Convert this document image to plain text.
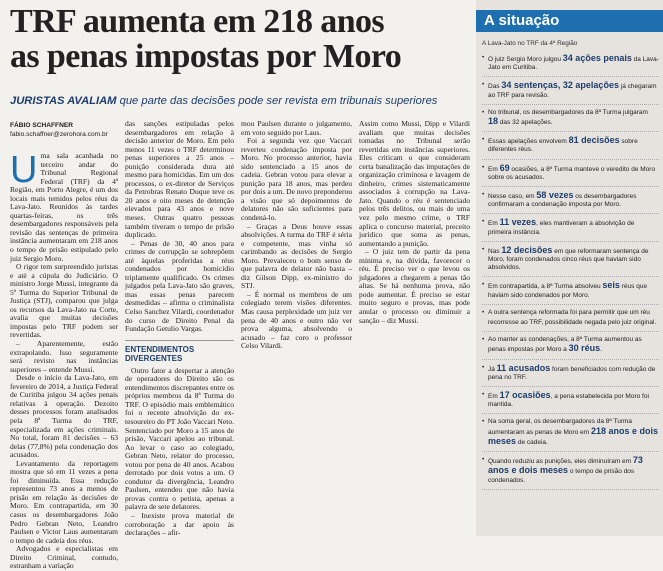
TRF aumenta em 218 anos
as penas impostas por Moro
JURISTAS AVALIAM que parte das decisões pode ser revista em tribunais superiores
FÁBIO SCHAFFNER
fabio.schaffner@zerohora.com.br
U ma sala acanhada no terceiro andar do Tribunal Regional Federal (TRF) da 4ª Região, em Porto Alegre, é um dos locais mais temidos pelos réus da Lava-Jato. Reunidos às tardes quartas-feiras, os três desembargadores responsáveis pela revisão das sentenças de primeira instância aumentaram em 218 anos o tempo de prisão estipulado pelo juiz Sergio Moro.

O rigor tem surpreendido juristas e até a cúpula do Judiciário. O ministro Jorge Mussi, integrante da 5ª Turma do Superior Tribunal de Justiça (STJ), comparou que julga os recursos da Lava-Jato na Corte, avalia que muitas decisões impostas pelo TRF podem ser revertidas.

– Aparentemente, estão extrapolando. Isso seguramente será revisto nas instâncias superiores – entende Mussi.

Desde o início da Lava-Jato, em fevereiro de 2014, a Justiça Federal de Curitiba julgou 34 ações penais relativas à operação. Dezoito desses processos foram analisados pela 8ª Turma do TRF, especializada em ações criminais. No total, foram 81 decisões – 63 delas (77,8%) pela condenação dos acusados.

Levantamento da reportagem mostra que só em 11 vezes a pena foi diminuída. Essa redução representou 73 anos a menos de prisão em relação às decisões de Moro. Em contrapartida, em 30 casos os desembargadores João Pedro Gebran Neto, Leandro Paulsen e Victor Laus aumentaram o tempo de cadeia dos réus.

Advogados e especialistas em Direito Criminal, contudo, estranham a variação

das sanções estipuladas pelos desembargadores em relação à decisão anterior de Moro. Em pelo menos 11 vezes o TRF determinou penas superiores a 25 anos – punição considerada dura até mesmo para homicidas. Em um dos processos, o ex-diretor de Serviços da Petrobras Renato Duque teve os 20 anos e oito meses de detenção elevados para 43 anos e nove meses. Outras quatro pessoas também tiveram o tempo de prisão duplicado.

– Penas de 30, 40 anos para crimes de corrupção se sobrepõem até àquelas proferidas a réus condenados por homicídio triplamente qualificado. Os crimes julgados pela Lava-Jato são graves, mas essas penas parecem desmedidas – afirma o criminalista Celso Sanchez Vilardi, coordenador do curso de Direito Penal da Fundação Getulio Vargas.

ENTENDIMENTOS DIVERGENTES

Outro fator a despertar a atenção de operadores do Direito são os entendimentos discrepantes entre os próprios membros da 8ª Turma do TRF. O episódio mais emblemático foi o recente absolvição do ex-tesoureiro do PT João Vaccari Neto. Sentenciado por Moro a 15 anos de prisão, Vaccari apelou ao tribunal. Ao levar o caso ao colegiado, Gebran Neto, relator do processo, votou por pena de 40 anos. Acabou derrotado por dois votos a um. O condutor da divergência, Leandro Paulsen, entendeu que não havia provas contra o petista, apenas a palavra de sete delatores.

– Inexiste prova material de corroboração a dar apoio às declarações – afir-

mou Paulsen durante o julgamento, em voto seguido por Laus.

Foi a segunda vez que Vaccari reverteu condenação imposta por Moro. No processo anterior, havia sido sentenciado a 15 anos de cadeia. Gebran votou para elevar a punição para 18 anos, mas perdeu por dois a um. De novo preponderou a visão que só depoimentos de delatores não são suficientes para condená-lo.

– Graças a Deus houve essas absolvições. A turma do TRF é séria e competente, mas vinha só carimbando as decisões de Sergio Moro. Prevaleceu o bom senso de que palavra de delator não basta – diz Gilson Dipp, ex-ministro do STJ.

– É normal os membros de um colegiado terem visões diferentes. Mas causa perplexidade um juiz ver pena de 40 anos e outro não ver prova alguma, absolvendo o acusado – faz coro o professor Celso Vilardi.

Assim como Mussi, Dipp e Vilardi avaliam que muitas decisões tomadas no Tribunal serão revertidas em instâncias superiores. Eles criticam o que consideram certa banalização das imputações de organização criminosa e lavagem de dinheiro, crimes sistematicamente associados à corrupção na Lava-Jato. Quando o réu é sentenciado pelos três delitos, ou mais de uma vez pelo mesmo crime, o TRF aplica o concurso material, preceito jurídico que soma as penas, aumentando a punição.

– O juiz tem de partir da pena mínima e, na dúvida, favorecer o réu. É preciso ver o que levou os julgadores a chegarem a penas tão altas. Se há nenhuma prova, não pode aumentar. É preciso se estar muito seguro e provas, mas pode anular o processo ou diminuir a sanção – diz Mussi.

A situação
A Lava-Jato no TRF da 4ª Região
• O juiz Sergio Moro julgou 34 ações penais da Lava-Jato em Curitiba.
• Das 34 sentenças, 32 apelações já chegaram ao TRF para revisão.
• No tribunal, os desembargadores da 8ª Turma julgaram 18 das 32 apelações.
• Essas apelações envolvem 81 decisões sobre diferentes réus.
• Em 69 ocasiões, a 8ª Turma manteve o veredito de Moro sobre os acusados.
• Nesse caso, em 58 vezes os desembargadores confirmaram a condenação imposta por Moro.
• Em 11 vezes, eles mantiveram a absolvição de primeira instância.
• Nas 12 decisões em que reformaram sentença de Moro, foram condenados cinco réus que haviam sido absolvidos.
• Em contrapartida, a 8ª Turma absolveu seis réus que haviam sido condenados por Moro.
• A outra sentença reformada foi para permitir que um réu recorresse ao TRF, possibilidade negada pelo juiz original.
• Ao manter as condenações, a 8ª Turma aumentou as penas impostas por Moro a 30 réus.
• Já 11 acusados foram beneficiados com redução de pena no TRF.
• Em 17 ocasiões, a pena estabelecida por Moro foi mantida.
• Na soma geral, os desembargadores da 8ª Turma aumentaram as penas de Moro em 218 anos e dois meses de cadeia.
• Quando reduziu as punições, eles diminuíram em 73 anos e dois meses o tempo de prisão dos condenados.
